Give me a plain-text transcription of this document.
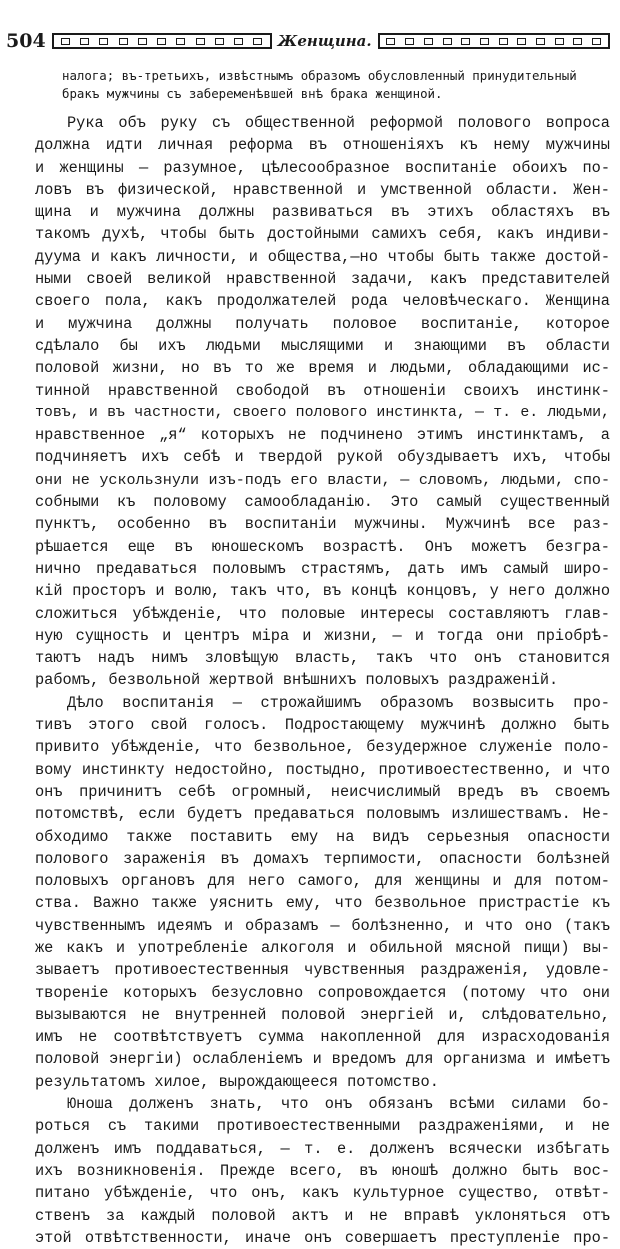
504	Женщина.
налога; въ-третьихъ, извѣстнымъ образомъ обусловленный принудительный
бракъ мужчины съ забеременѣвшей внѣ брака женщиной.
Рука объ руку съ общественной реформой полового вопроса
должна идти личная реформа въ отношеніяхъ къ нему мужчины
и женщины — разумное, цѣлесообразное воспитаніе обоихъ по-
ловъ въ физической, нравственной и умственной области. Жен-
щина и мужчина должны развиваться въ этихъ областяхъ въ
такомъ духѣ, чтобы быть достойными самихъ себя, какъ индиви-
дуума и какъ личности, и общества,—но чтобы быть также достой-
ными своей великой нравственной задачи, какъ представителей
своего пола, какъ продолжателей рода человѣческаго. Женщина
и мужчина должны получать половое воспитаніе, которое
сдѣлало бы ихъ людьми мыслящими и знающими въ области
половой жизни, но въ то же время и людьми, обладающими ис-
тинной нравственной свободой въ отношеніи своихъ инстинк-
товъ, и въ частности, своего полового инстинкта, — т. е. людьми,
нравственное „я“ которыхъ не подчинено этимъ инстинктамъ, а
подчиняетъ ихъ себѣ и твердой рукой обуздываетъ ихъ, чтобы
они не ускользнули изъ-подъ его власти, — словомъ, людьми, спо-
собными къ половому самообладанію. Это самый существенный
пунктъ, особенно въ воспитаніи мужчины. Мужчинѣ все раз-
рѣшается еще въ юношескомъ возрастѣ. Онъ можетъ безгра-
нично предаваться половымъ страстямъ, дать имъ самый широ-
кій просторъ и волю, такъ что, въ концѣ концовъ, у него должно
сложиться убѣжденіе, что половые интересы составляютъ глав-
ную сущность и центръ міра и жизни, — и тогда они пріобрѣ-
таютъ надъ нимъ зловѣщую власть, такъ что онъ становится
рабомъ, безвольной жертвой внѣшнихъ половыхъ раздраженій.
Дѣло воспитанія — строжайшимъ образомъ возвысить про-
тивъ этого свой голосъ. Подростающему мужчинѣ должно быть
привито убѣжденіе, что безвольное, безудержное служеніе поло-
вому инстинкту недостойно, постыдно, противоестественно, и что
онъ причинитъ себѣ огромный, неисчислимый вредъ въ своемъ
потомствѣ, если будетъ предаваться половымъ излишествамъ. Не-
обходимо также поставить ему на видъ серьезныя опасности
полового зараженія въ домахъ терпимости, опасности болѣзней
половыхъ органовъ для него самого, для женщины и для потом-
ства. Важно также уяснить ему, что безвольное пристрастіе къ
чувственнымъ идеямъ и образамъ — болѣзненно, и что оно (такъ
же какъ и употребленіе алкоголя и обильной мясной пищи) вы-
зываетъ противоестественныя чувственныя раздраженія, удовле-
твореніе которыхъ безусловно сопровождается (потому что они
вызываются не внутренней половой энергіей и, слѣдовательно,
имъ не соотвѣтствуетъ сумма накопленной для израсходованія
половой энергіи) ослабленіемъ и вредомъ для организма и имѣетъ
результатомъ хилое, вырождающееся потомство.
Юноша долженъ знать, что онъ обязанъ всѣми силами бо-
роться съ такими противоестественными раздраженіями, и не
долженъ имъ поддаваться, — т. е. долженъ всячески избѣгать
ихъ возникновенія. Прежде всего, въ юношѣ должно быть вос-
питано убѣжденіе, что онъ, какъ культурное существо, отвѣт-
ственъ за каждый половой актъ и не вправѣ уклоняться отъ
этой отвѣтственности, иначе онъ совершаетъ преступленіе про-
